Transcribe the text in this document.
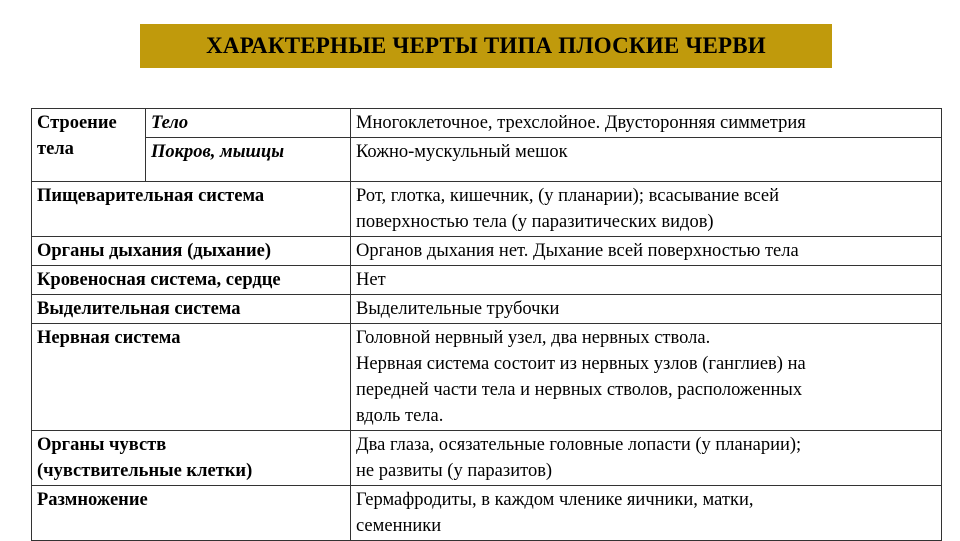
ХАРАКТЕРНЫЕ ЧЕРТЫ ТИПА ПЛОСКИЕ ЧЕРВИ
Строение
тела	Тело	Многоклеточное, трехслойное. Двусторонняя симметрия

	Покров, мышцы	Кожно-мускульный мешок

Пищеварительная система		Рот, глотка, кишечник, (у планарии); всасывание всей
поверхностью тела (у паразитических видов)

Органы дыхания (дыхание)		Органов дыхания нет. Дыхание всей поверхностью тела

Кровеносная система, сердце		Нет

Выделительная система		Выделительные трубочки

Нервная система		Головной нервный узел, два нервных ствола.
Нервная система состоит из нервных узлов (ганглиев) на
передней части тела и нервных стволов, расположенных
вдоль тела.

Органы чувств
(чувствительные клетки)		Два глаза, осязательные головные лопасти (у планарии);
не развиты (у паразитов)

Размножение		Гермафродиты, в каждом членике яичники, матки,
семенники
